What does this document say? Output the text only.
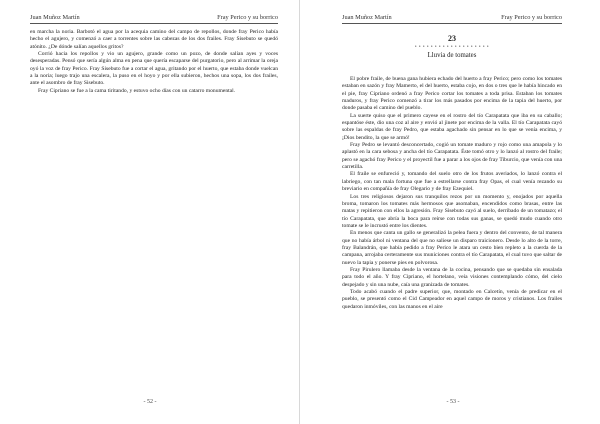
Juan Muñoz Martín	Fray Perico y su borrico

en marcha la noria. Barbotó el agua por la acequia camino del campo de repollos, donde fray Perico había hecho el agujero, y comenzó a caer a torrentes sobre las cabezas de los dos frailes. Fray Sisebuto se quedó atónito. ¿De dónde salían aquellos gritos?

Corrió hacia los repollos y vio un agujero, grande como un pozo, de donde salían ayes y voces desesperadas. Pensó que sería algún alma en pena que quería escaparse del purgatorio, pero al arrimar la oreja oyó la voz de fray Perico. Fray Sisebuto fue a cortar el agua, gritando por el huerto, que estaba donde vuelcan a la noria; luego trajo una escalera, la puso en el hoyo y por ella subieron, hechos una sopa, los dos frailes, ante el asombro de fray Sisebuto.

Fray Cipriano se fue a la cama tiritando, y estuvo ocho días con un catarro monumental.

- 52 -
Juan Muñoz Martín	Fray Perico y su borrico
23
• • • • • • • • • • • • • • • • • • •
Lluvia de tomates

El pobre fraile, de buena gana hubiera echado del huerto a fray Perico; pero como los tomates estaban en sazón y fray Mamerto, el del huerto, estaba cojo, en dos o tres que le había hincado en el pie, fray Cipriano ordenó a fray Perico cortar los tomates a toda prisa. Estaban los tomates maduros, y fray Perico comenzó a tirar los más pasados por encima de la tapia del huerto, por donde pasaba el camino del pueblo.

La suerte quiso que el primero cayese en el rostro del tío Carapatata que iba en su caballo; espantóse éste, dio una coz al aire y envió al jinete por encima de la valla. El tío Carapatata cayó sobre las espaldas de fray Pedro, que estaba agachado sin pensar en lo que se venía encima, y ¡Dios bendito, la que se armó!

Fray Pedro se levantó desconcertado, cogió un tomate maduro y rojo como una amapola y lo aplastó en la cara sebosa y ancha del tío Carapatata. Éste tomó otro y lo lanzó al rostro del fraile; pero se agachó fray Perico y el proyectil fue a parar a los ojos de fray Tiburcio, que venía con una carretilla.

El fraile se enfureció y, tomando del suelo otro de los frutos averiados, lo lanzó contra el labriego, con tan mala fortuna que fue a estrellarse contra fray Opas, el cual venía rezando su breviario en compañía de fray Olegario y de fray Ezequiel.

Los tres religiosos dejaron sus tranquilos rezos por un momento y, enojados por aquella broma, tomaron los tomates más hermosos que asomaban, encendidos como brasas, entre las matas y repitieron con ellos la agresión. Fray Sisebuto cayó al suelo, derribado de un tomatazo; el tío Carapatata, que abría la boca para reírse con todas sus ganas, se quedó mudo cuando otro tomate se le incrustó entre los dientes.

En menos que canta un gallo se generalizó la pelea fuera y dentro del convento, de tal manera que no había árbol ni ventana del que no saliese un disparo traicionero. Desde lo alto de la torre, fray Balandrán, que había pedido a fray Perico le atara un cesto bien repleto a la cuerda de la campana, arrojaba certeramente sus municiones contra el tío Carapatata, el cual tuvo que saltar de nuevo la tapia y ponerse pies en polvorosa.

Fray Pirulero llamaba desde la ventana de la cocina, pensando que se quedaba sin ensalada para todo el año. Y fray Cipriano, el hortelano, veía visiones contemplando cómo, del cielo despejado y sin una nube, caía una granizada de tomates.

Todo acabó cuando el padre superior, que, montado en Calcetín, venía de predicar en el pueblo, se presentó como el Cid Campeador en aquel campo de moros y cristianos. Los frailes quedaron inmóviles, con las manos en el aire

- 53 -
